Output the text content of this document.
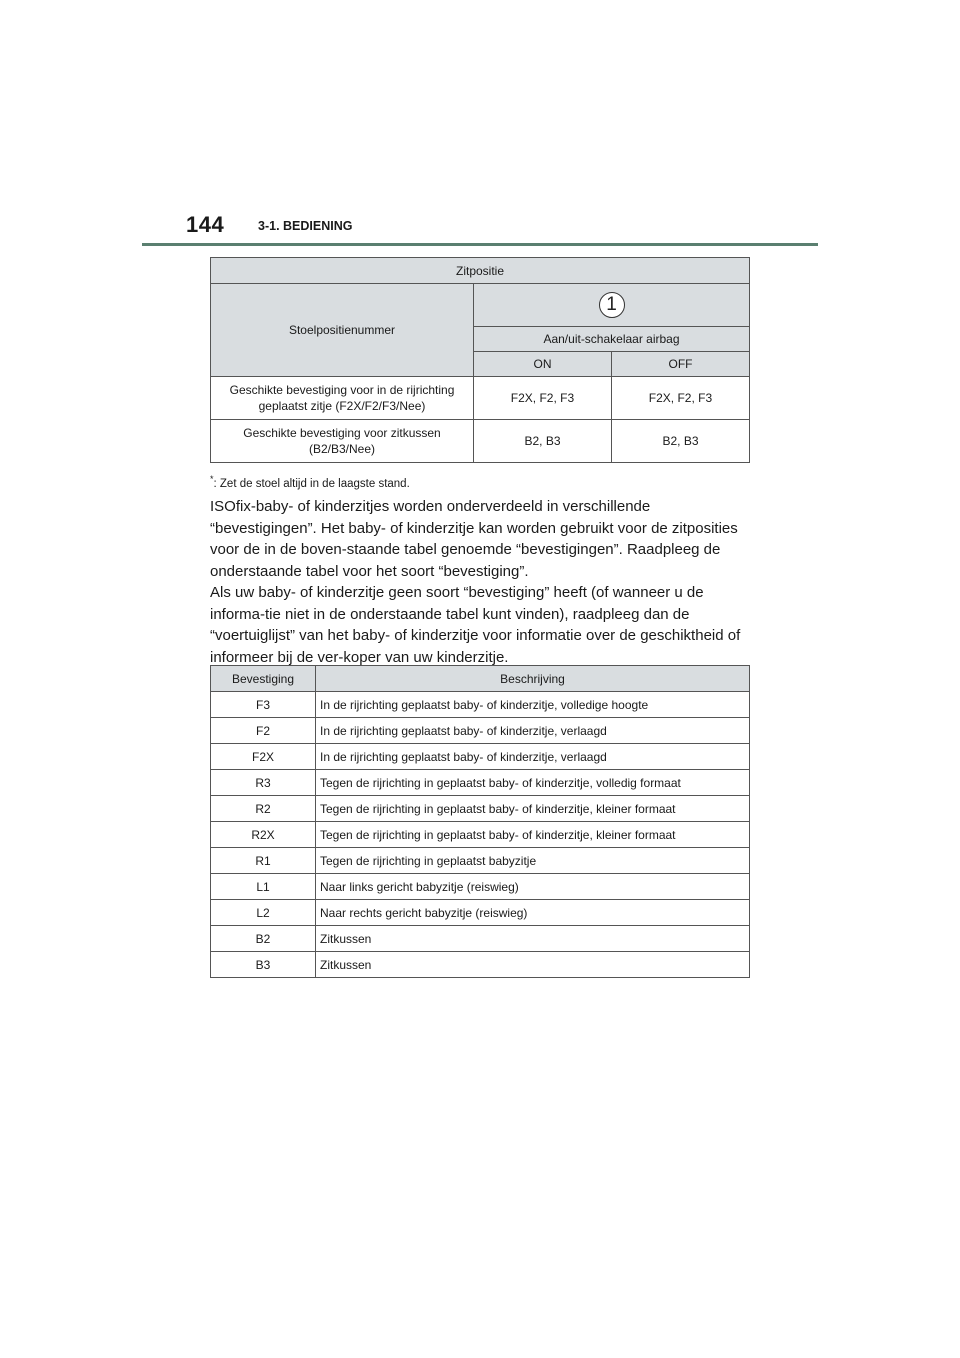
144	3-1. BEDIENING
Zitpositie		
Stoelpositienummer	1	
	Aan/uit-schakelaar airbag	
	ON	OFF
Geschikte bevestiging voor in de rijrichting
geplaatst zitje (F2X/F2/F3/Nee)	F2X, F2, F3	F2X, F2, F3
Geschikte bevestiging voor zitkussen
(B2/B3/Nee)	B2, B3	B2, B3
*: Zet de stoel altijd in de laagste stand.

ISOfix-baby- of kinderzitjes worden onderverdeeld in verschillende “bevestigingen”. Het baby- of kinderzitje kan worden gebruikt voor de zitposities voor de in de boven-staande tabel genoemde “bevestigingen”. Raadpleeg de onderstaande tabel voor het soort “bevestiging”.

Als uw baby- of kinderzitje geen soort “bevestiging” heeft (of wanneer u de informa-tie niet in de onderstaande tabel kunt vinden), raadpleeg dan de “voertuiglijst” van het baby- of kinderzitje voor informatie over de geschiktheid of informeer bij de ver-koper van uw kinderzitje.

Bevestiging	Beschrijving
F3	In de rijrichting geplaatst baby- of kinderzitje, volledige hoogte
F2	In de rijrichting geplaatst baby- of kinderzitje, verlaagd
F2X	In de rijrichting geplaatst baby- of kinderzitje, verlaagd
R3	Tegen de rijrichting in geplaatst baby- of kinderzitje, volledig formaat
R2	Tegen de rijrichting in geplaatst baby- of kinderzitje, kleiner formaat
R2X	Tegen de rijrichting in geplaatst baby- of kinderzitje, kleiner formaat
R1	Tegen de rijrichting in geplaatst babyzitje
L1	Naar links gericht babyzitje (reiswieg)
L2	Naar rechts gericht babyzitje (reiswieg)
B2	Zitkussen
B3	Zitkussen
